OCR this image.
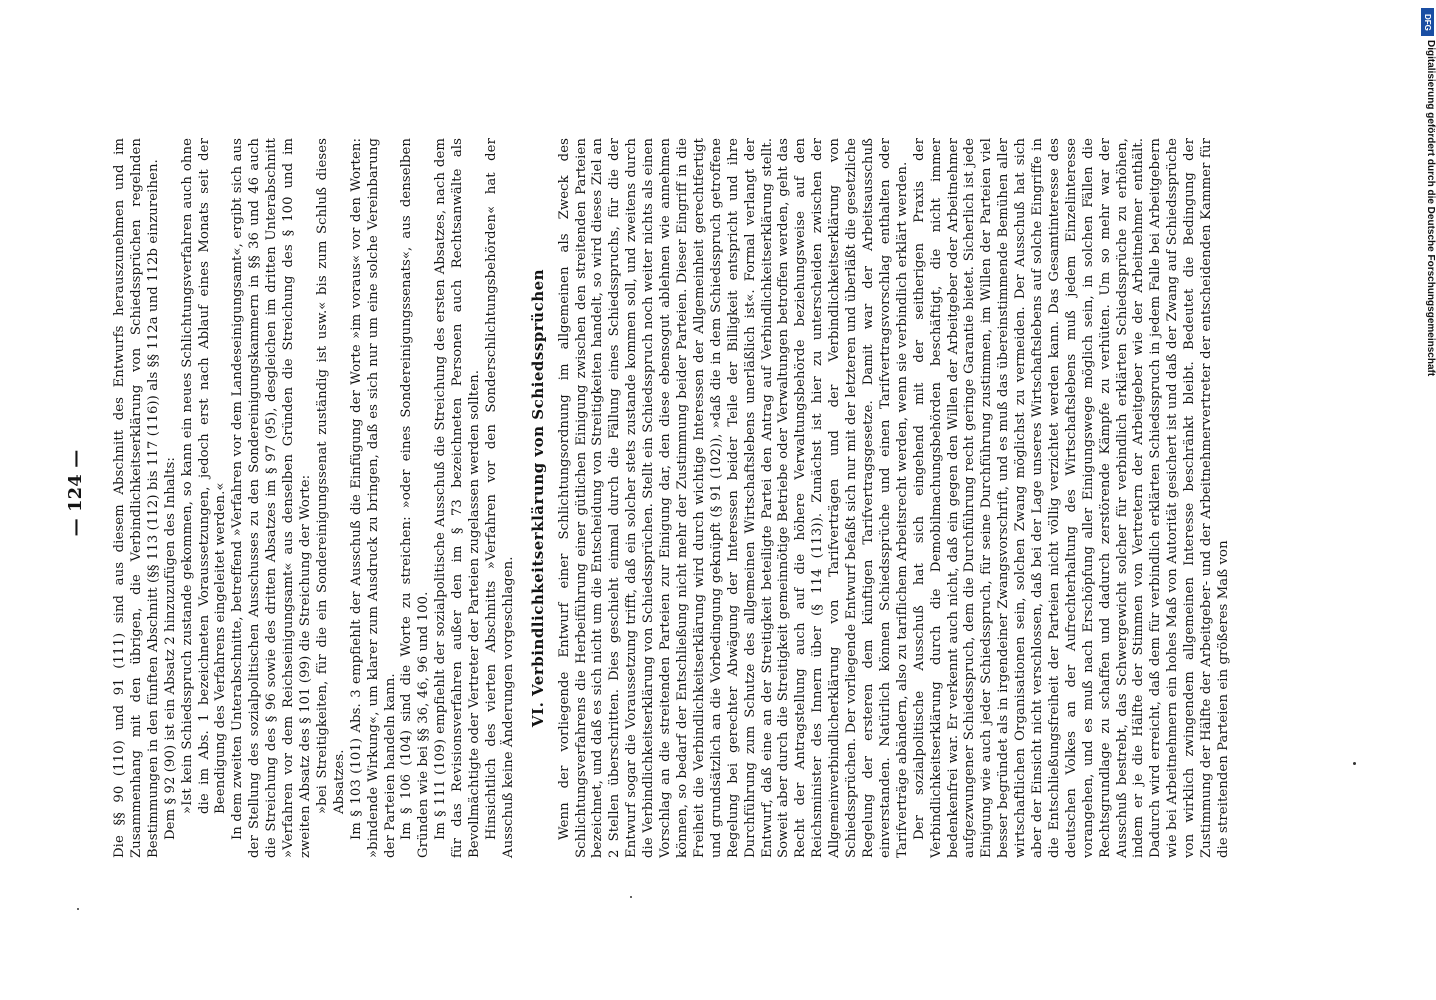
— 124 — Die §§ 90 (110) und 91 (111) sind aus diesem Abschnitt des Entwurfs herauszunehmen und im Zusammenhang mit den übrigen, die Verbindlichkeitserklärung von Schiedssprüchen regelnden Bestimmungen in den fünften Abschnitt (§§ 113 (112) bis 117 (116)) als §§ 112a und 112b einzureihen. Dem § 92 (90) ist ein Absatz 2 hinzuzufügen des Inhalts: »Ist kein Schiedsspruch zustande gekommen, so kann ein neues Schlichtungsverfahren auch ohne die im Abs. 1 bezeichneten Voraussetzungen, jedoch erst nach Ablauf eines Monats seit der Beendigung des Verfahrens eingeleitet werden.« In dem zweiten Unterabschnitte, betreffend »Verfahren vor dem Landeseinigungsamt«, ergibt sich aus der Stellung des sozialpolitischen Ausschusses zu den Sondereinigungskammern in §§ 36 und 46 auch die Streichung des § 96 sowie des dritten Absatzes im § 97 (95), desgleichen im dritten Unterabschnitt »Verfahren vor dem Reichseinigungsamt« aus denselben Gründen die Streichung des § 100 und im zweiten Absatz des § 101 (99) die Streichung der Worte: »bei Streitigkeiten, für die ein Sondereinigungssenat zuständig ist usw.« bis zum Schluß dieses Absatzes. Im § 103 (101) Abs. 3 empfiehlt der Ausschuß die Einfügung der Worte »im voraus« vor den Worten: »bindende Wirkung«, um klarer zum Ausdruck zu bringen, daß es sich nur um eine solche Vereinbarung der Parteien handeln kann. Im § 106 (104) sind die Worte zu streichen: »oder eines Sondereinigungssenats«, aus denselben Gründen wie bei §§ 36, 46, 96 und 100. Im § 111 (109) empfiehlt der sozialpolitische Ausschuß die Streichung des ersten Absatzes, nach dem für das Revisionsverfahren außer den im § 73 bezeichneten Personen auch Rechtsanwälte als Bevollmächtigte oder Vertreter der Parteien zugelassen werden sollten. Hinsichtlich des vierten Abschnitts »Verfahren vor den Sonderschlichtungsbehörden« hat der Ausschuß keine Änderungen vorgeschlagen. VI. Verbindlichkeitserklärung von Schiedssprüchen Wenn der vorliegende Entwurf einer Schlichtungsordnung im allgemeinen als Zweck des Schlichtungsverfahrens die Herbeiführung einer gütlichen Einigung zwischen den streitenden Parteien bezeichnet, und daß es sich nicht um die Entscheidung von Streitigkeiten handelt, so wird dieses Ziel an 2 Stellen überschritten. Dies geschieht einmal durch die Fällung eines Schiedsspruchs, für die der Entwurf sogar die Voraussetzung trifft, daß ein solcher stets zustande kommen soll, und zweitens durch die Verbindlichkeitserklärung von Schiedssprüchen. Stellt ein Schiedsspruch noch weiter nichts als einen Vorschlag an die streitenden Parteien zur Einigung dar, den diese ebensogut ablehnen wie annehmen können, so bedarf der Entschließung nicht mehr der Zustimmung beider Parteien. Dieser Eingriff in die Freiheit die Verbindlichkeitserklärung wird durch wichtige Interessen der Allgemeinheit gerechtfertigt und grundsätzlich an die Vorbedingung geknüpft (§ 91 (102)), »daß die in dem Schiedsspruch getroffene Regelung bei gerechter Abwägung der Interessen beider Teile der Billigkeit entspricht und ihre Durchführung zum Schutze des allgemeinen Wirtschaftslebens unerläßlich ist«. Formal verlangt der Entwurf, daß eine an der Streitigkeit beteiligte Partei den Antrag auf Verbindlichkeitserklärung stellt. Soweit aber durch die Streitigkeit gemeinnötige Betriebe oder Verwaltungen betroffen werden, geht das Recht der Antragstellung auch auf die höhere Verwaltungsbehörde beziehungsweise auf den Reichsminister des Innern über (§ 114 (113)). Zunächst ist hier zu unterscheiden zwischen der Allgemeinverbindlicherklärung von Tarifverträgen und der Verbindlichkeitserklärung von Schiedssprüchen. Der vorliegende Entwurf befaßt sich nur mit der letzteren und überläßt die gesetzliche Regelung der ersteren dem künftigen Tarifvertragsgesetze. Damit war der Arbeitsausschuß einverstanden. Natürlich können Schiedssprüche und einen Tarifvertragsvorschlag enthalten oder Tarifverträge abändern, also zu tariflichem Arbeitsrecht werden, wenn sie verbindlich erklärt werden. Der sozialpolitische Ausschuß hat sich eingehend mit der seitherigen Praxis der Verbindlichkeitserklärung durch die Demobilmachungsbehörden beschäftigt, die nicht immer bedenkenfrei war. Er verkennt auch nicht, daß ein gegen den Willen der Arbeitgeber oder Arbeitnehmer aufgezwungener Schiedsspruch, dem die Durchführung recht geringe Garantie bietet. Sicherlich ist jede Einigung wie auch jeder Schiedsspruch, für seine Durchführung zustimmen, im Willen der Parteien viel besser begründet als in irgendeiner Zwangsvorschrift, und es muß das übereinstimmende Bemühen aller wirtschaftlichen Organisationen sein, solchen Zwang möglichst zu vermeiden. Der Ausschuß hat sich aber der Einsicht nicht verschlossen, daß bei der Lage unseres Wirtschaftslebens auf solche Eingriffe in die Entschließungsfreiheit der Parteien nicht völlig verzichtet werden kann. Das Gesamtinteresse des deutschen Volkes an der Aufrechterhaltung des Wirtschaftslebens muß jedem Einzelinteresse vorangehen, und es muß nach Erschöpfung aller Einigungswege möglich sein, in solchen Fällen die Rechtsgrundlage zu schaffen und dadurch zerstörende Kämpfe zu verhüten. Um so mehr war der Ausschuß bestrebt, das Schwergewicht solcher für verbindlich erklärten Schiedssprüche zu erhöhen, indem er je die Hälfte der Stimmen von Vertretern der Arbeitgeber wie der Arbeitnehmer enthält. Dadurch wird erreicht, daß dem für verbindlich erklärten Schiedsspruch in jedem Falle bei Arbeitgebern wie bei Arbeitnehmern ein hohes Maß von Autorität gesichert ist und daß der Zwang auf Schiedssprüche von wirklich zwingendem allgemeinen Interesse beschränkt bleibt. Bedeutet die Bedingung der Zustimmung der Hälfte der Arbeitgeber- und der Arbeitnehmervertreter der entscheidenden Kammer für die streitenden Parteien ein größeres Maß von

DFG
Digitalisierung gefördert durch die Deutsche Forschungsgemeinschaft
